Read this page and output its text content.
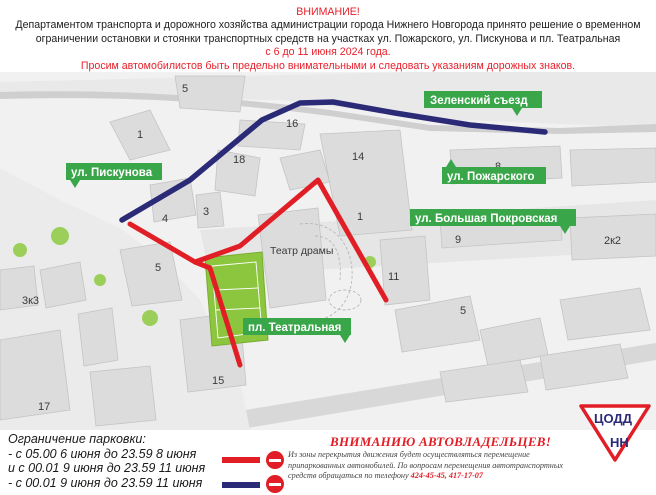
ВНИМАНИЕ!
Департаментом транспорта и дорожного хозяйства администрации города Нижнего Новгорода принято решение о временном
ограничении остановки и стоянки транспортных средств на участках ул. Пожарского, ул. Пискунова и пл. Театральная
с 6 до 11 июня 2024 года.
Просим автомобилистов быть предельно внимательными и следовать указаниям дорожных знаков.
5
1
16
18	14
4
3
5
Театр драмы
1
9	2к2
11
3к3
5
15
17
Зеленский съезд
ул. Пискунова	ул. Пожарского
ул. Большая Покровская
пл. Театральная
Ограничение парковки:
- с 05.00 6 июня до 23.59 8 июня
и с 00.01 9 июня до 23.59 11 июня
- с 00.01 9 июня до 23.59 11 июня
ВНИМАНИЮ АВТОВЛАДЕЛЬЦЕВ!
Из зоны перекрытия движения будет осуществляться перемещение припаркованных автомобилей. По вопросам перемещения автотранспортных средств обращаться по телефону 424-45-45, 417-17-07
ЦОДД
НН
